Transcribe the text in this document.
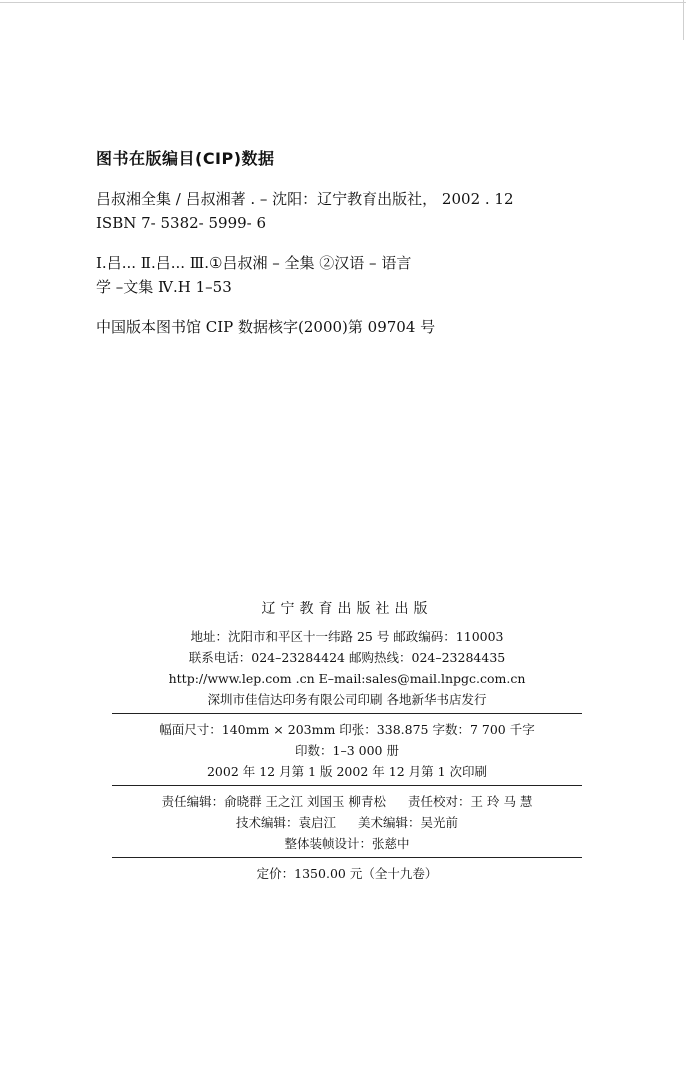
图书在版编目(CIP)数据
吕叔湘全集 / 吕叔湘著 . – 沈阳：辽宁教育出版社， 2002 . 12
ISBN 7- 5382- 5999- 6
Ⅰ.吕... Ⅱ.吕... Ⅲ.①吕叔湘 – 全集 ②汉语 – 语言
学 –文集 Ⅳ.H 1–53
中国版本图书馆 CIP 数据核字(2000)第 09704 号
辽宁教育出版社出版
地址：沈阳市和平区十一纬路 25 号 邮政编码：110003
联系电话：024–23284424 邮购热线：024–23284435
http://www.lep.com .cn E–mail:sales@mail.lnpgc.com.cn
深圳市佳信达印务有限公司印刷 各地新华书店发行
幅面尺寸：140mm × 203mm 印张：338.875 字数：7 700 千字
印数：1–3 000 册
2002 年 12 月第 1 版 2002 年 12 月第 1 次印刷
责任编辑：俞晓群 王之江 刘国玉 柳青松 责任校对：王 玲 马 慧
技术编辑：袁启江 美术编辑：吴光前
整体装帧设计：张慈中
定价：1350.00 元（全十九卷）
